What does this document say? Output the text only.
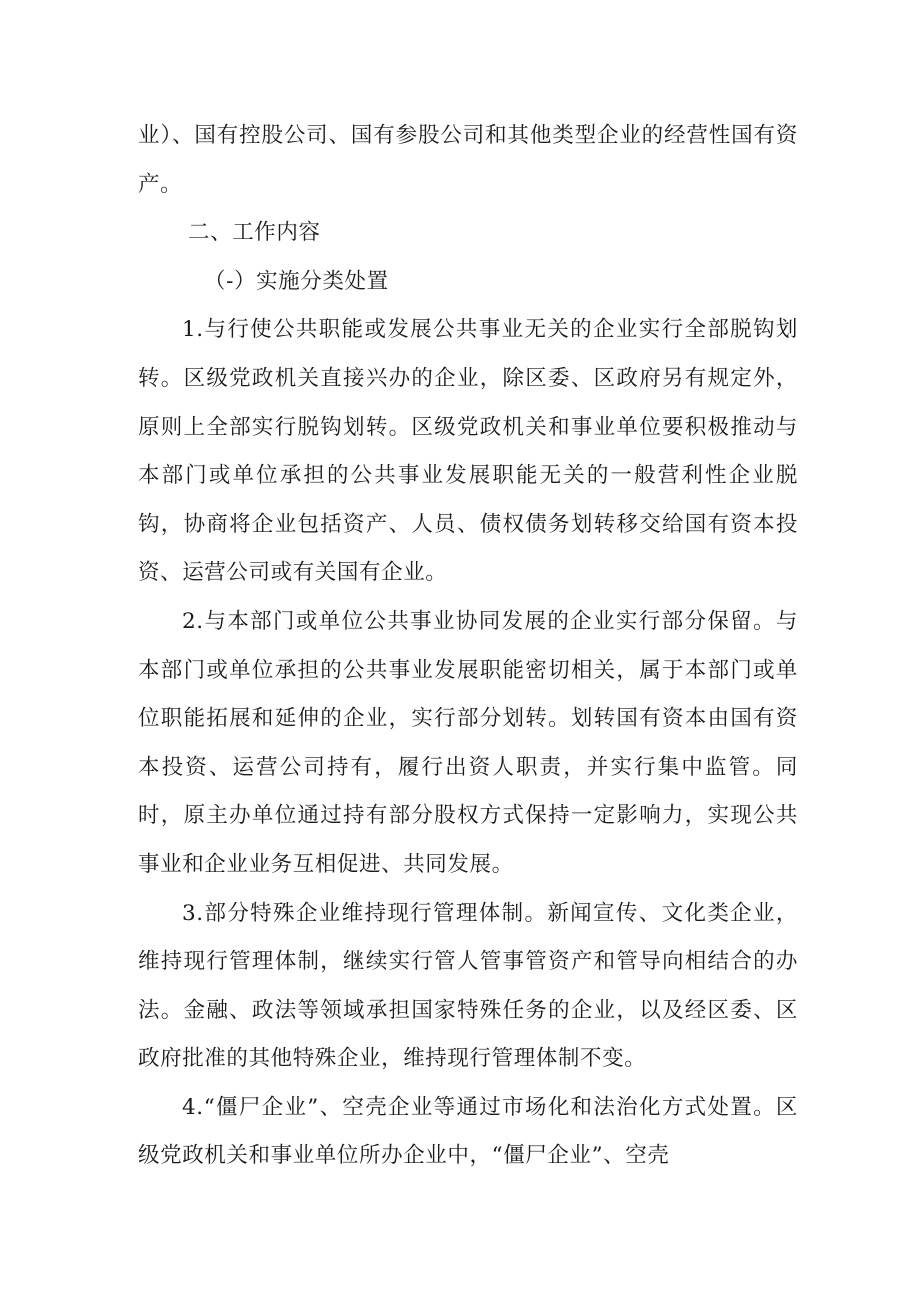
业）、国有控股公司、国有参股公司和其他类型企业的经营性国有资产。

二、工作内容

（-）实施分类处置

1.与行使公共职能或发展公共事业无关的企业实行全部脱钩划转。区级党政机关直接兴办的企业，除区委、区政府另有规定外，原则上全部实行脱钩划转。区级党政机关和事业单位要积极推动与本部门或单位承担的公共事业发展职能无关的一般营利性企业脱钩，协商将企业包括资产、人员、债权债务划转移交给国有资本投资、运营公司或有关国有企业。

2.与本部门或单位公共事业协同发展的企业实行部分保留。与本部门或单位承担的公共事业发展职能密切相关，属于本部门或单位职能拓展和延伸的企业，实行部分划转。划转国有资本由国有资本投资、运营公司持有，履行出资人职责，并实行集中监管。同时，原主办单位通过持有部分股权方式保持一定影响力，实现公共事业和企业业务互相促进、共同发展。

3.部分特殊企业维持现行管理体制。新闻宣传、文化类企业，维持现行管理体制，继续实行管人管事管资产和管导向相结合的办法。金融、政法等领域承担国家特殊任务的企业，以及经区委、区政府批准的其他特殊企业，维持现行管理体制不变。

4.“僵尸企业”、空壳企业等通过市场化和法治化方式处置。区级党政机关和事业单位所办企业中，“僵尸企业”、空壳
